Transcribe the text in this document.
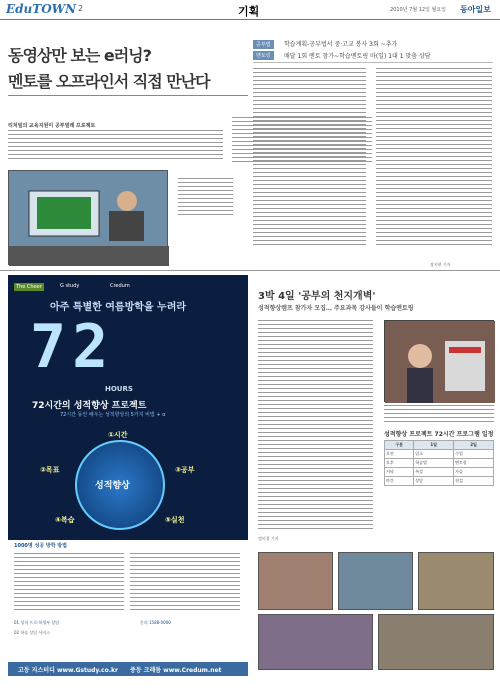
EduTOWN 2	기획	2010년 7월 12일 월요일 동아일보
동영상만 보는 e러닝?
멘토를 오프라인서 직접 만난다
티처빌의 교육지원이 공부벌레 프로젝트
공부법
멘토링
학습계획-공부법서 중·고교 봉사 3회 ~추가
매달 1회 멘토 참가~학습멘토링 마(일) 1대 1 맞춤 상담
장지현 기자
The Cheer	G study	Credum
아주 특별한 여름방학을 누려라
72
HOURS
72시간의 성적향상 프로젝트
72시간 동안 배우는 성적향상의 5가지 비법 + α
성적향상
①시간
②목표	③공부
④복습	⑤실천
1000명 성공 방학 방법
01 성적 프로-학생부 상담
02 학습 상담 서비스
문의 1588-0000
고등 지스터디 www.Gstudy.co.kr 중등 크레듬 www.Credum.net
3박 4일 '공부의 천지개벽'
성적향상캠프 참가자 모집… 주요과목 강사들이 학습멘토링
성적향상 프로젝트 72시간 프로그램 일정
구분	1일	2일
오전	입소	수업
오후	학습법	멘토링
저녁	특강	자습
야간	상담	점검
정미경 기자
